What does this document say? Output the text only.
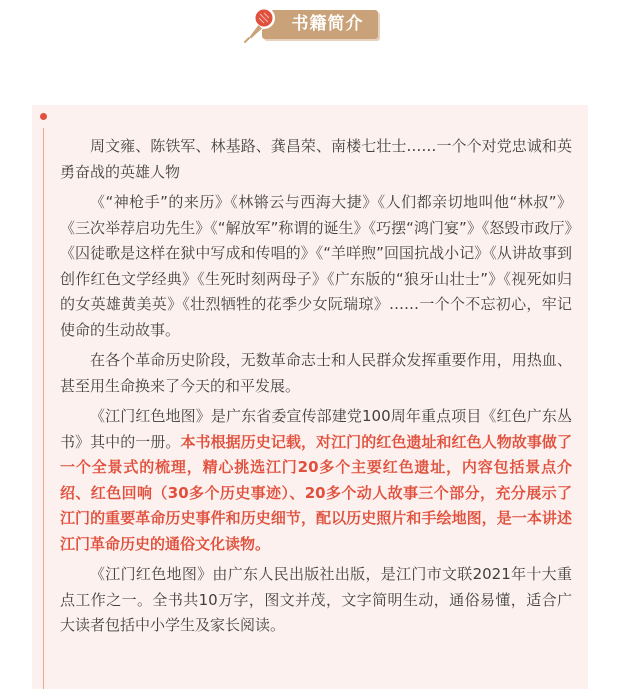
书籍简介

周文雍、陈铁军、林基路、龚昌荣、南楼七壮士……一个个对党忠诚和英勇奋战的英雄人物

《“神枪手”的来历》《林锵云与西海大捷》《人们都亲切地叫他“林叔”》《三次举荐启功先生》《“解放军”称谓的诞生》《巧摆“鸿门宴”》《怒毁市政厅》《囚徒歌是这样在狱中写成和传唱的》《“羊咩煦”回国抗战小记》《从讲故事到创作红色文学经典》《生死时刻两母子》《广东版的“狼牙山壮士”》《视死如归的女英雄黄美英》《壮烈牺牲的花季少女阮瑞琼》……一个个不忘初心，牢记使命的生动故事。

在各个革命历史阶段，无数革命志士和人民群众发挥重要作用，用热血、甚至用生命换来了今天的和平发展。

《江门红色地图》是广东省委宣传部建党100周年重点项目《红色广东丛书》其中的一册。本书根据历史记载，对江门的红色遗址和红色人物故事做了一个全景式的梳理，精心挑选江门20多个主要红色遗址，内容包括景点介绍、红色回响（30多个历史事迹）、20多个动人故事三个部分，充分展示了江门的重要革命历史事件和历史细节，配以历史照片和手绘地图，是一本讲述江门革命历史的通俗文化读物。

《江门红色地图》由广东人民出版社出版，是江门市文联2021年十大重点工作之一。全书共10万字，图文并茂，文字简明生动，通俗易懂，适合广大读者包括中小学生及家长阅读。
